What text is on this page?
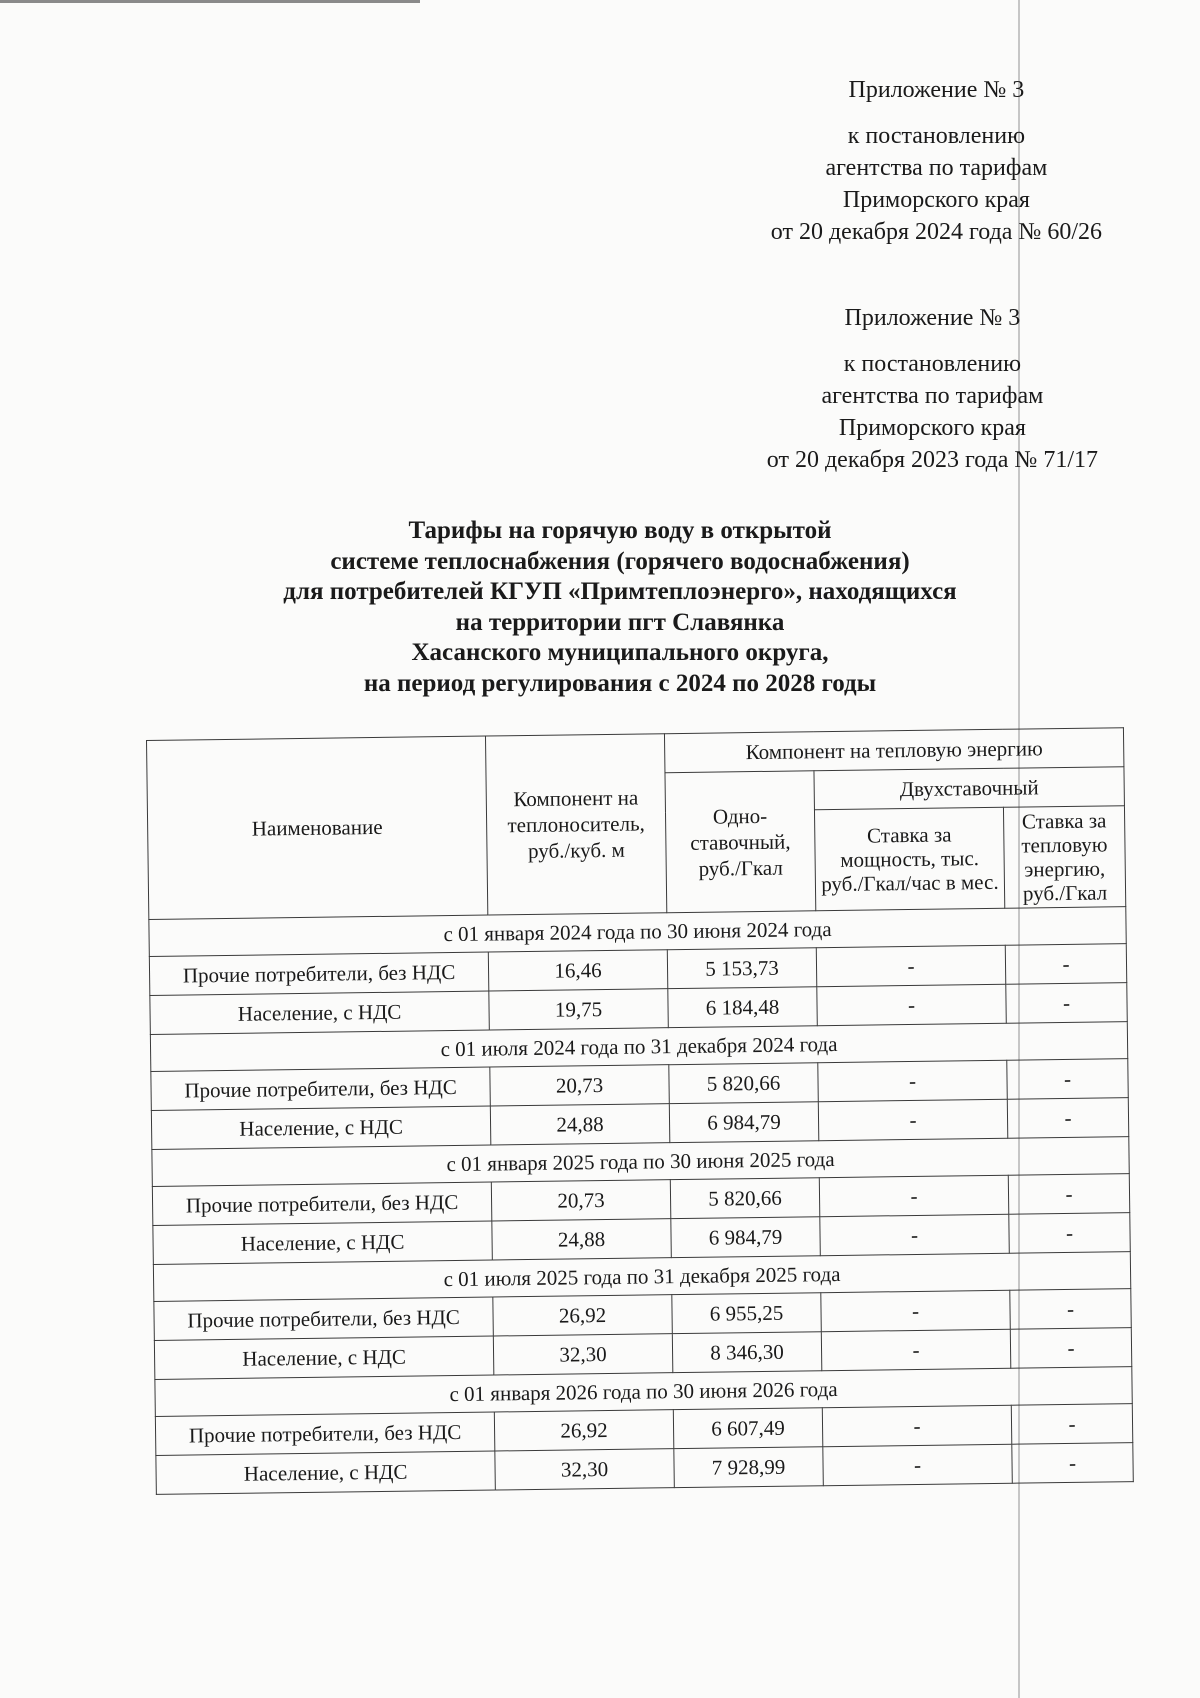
Приложение № 3
к постановлению
агентства по тарифам
Приморского края
от 20 декабря 2024 года № 60/26
Приложение № 3
к постановлению
агентства по тарифам
Приморского края
от 20 декабря 2023 года № 71/17
Тарифы на горячую воду в открытой
системе теплоснабжения (горячего водоснабжения)
для потребителей КГУП «Примтеплоэнерго», находящихся
на территории пгт Славянка
Хасанского муниципального округа,
на период регулирования с 2024 по 2028 годы
Наименование	Компонент на теплоноситель, руб./куб. м	Компонент на тепловую энергию		
		Одно-ставочный, руб./Гкал	Двухставочный	
			Ставка за мощность, тыс. руб./Гкал/час в мес.	Ставка за тепловую энергию, руб./Гкал
с 01 января 2024 года по 30 июня 2024 года				
Прочие потребители, без НДС	16,46	5 153,73	-	-
Население, с НДС	19,75	6 184,48	-	-
с 01 июля 2024 года по 31 декабря 2024 года				
Прочие потребители, без НДС	20,73	5 820,66	-	-
Население, с НДС	24,88	6 984,79	-	-
с 01 января 2025 года по 30 июня 2025 года				
Прочие потребители, без НДС	20,73	5 820,66	-	-
Население, с НДС	24,88	6 984,79	-	-
с 01 июля 2025 года по 31 декабря 2025 года				
Прочие потребители, без НДС	26,92	6 955,25	-	-
Население, с НДС	32,30	8 346,30	-	-
с 01 января 2026 года по 30 июня 2026 года				
Прочие потребители, без НДС	26,92	6 607,49	-	-
Население, с НДС	32,30	7 928,99	-	-
